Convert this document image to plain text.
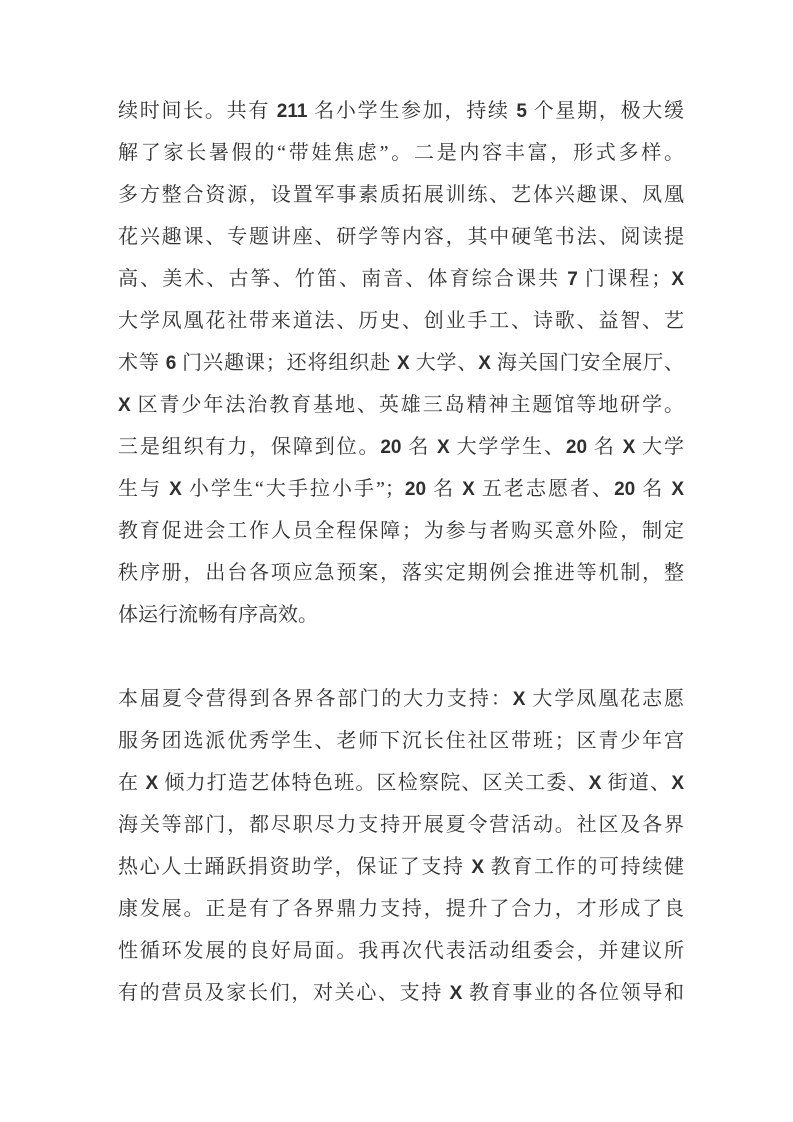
续时间长。共有 211 名小学生参加，持续 5 个星期，极大缓
解了家长暑假的“带娃焦虑”。二是内容丰富，形式多样。
多方整合资源，设置军事素质拓展训练、艺体兴趣课、凤凰
花兴趣课、专题讲座、研学等内容，其中硬笔书法、阅读提
高、美术、古筝、竹笛、南音、体育综合课共 7 门课程；X
大学凤凰花社带来道法、历史、创业手工、诗歌、益智、艺
术等 6 门兴趣课；还将组织赴 X 大学、X 海关国门安全展厅、
X 区青少年法治教育基地、英雄三岛精神主题馆等地研学。
三是组织有力，保障到位。20 名 X 大学学生、20 名 X 大学
生与 X 小学生“大手拉小手”；20 名 X 五老志愿者、20 名 X
教育促进会工作人员全程保障；为参与者购买意外险，制定
秩序册，出台各项应急预案，落实定期例会推进等机制，整
体运行流畅有序高效。
本届夏令营得到各界各部门的大力支持：X 大学凤凰花志愿
服务团选派优秀学生、老师下沉长住社区带班；区青少年宫
在 X 倾力打造艺体特色班。区检察院、区关工委、X 街道、X
海关等部门，都尽职尽力支持开展夏令营活动。社区及各界
热心人士踊跃捐资助学，保证了支持 X 教育工作的可持续健
康发展。正是有了各界鼎力支持，提升了合力，才形成了良
性循环发展的良好局面。我再次代表活动组委会，并建议所
有的营员及家长们，对关心、支持 X 教育事业的各位领导和
